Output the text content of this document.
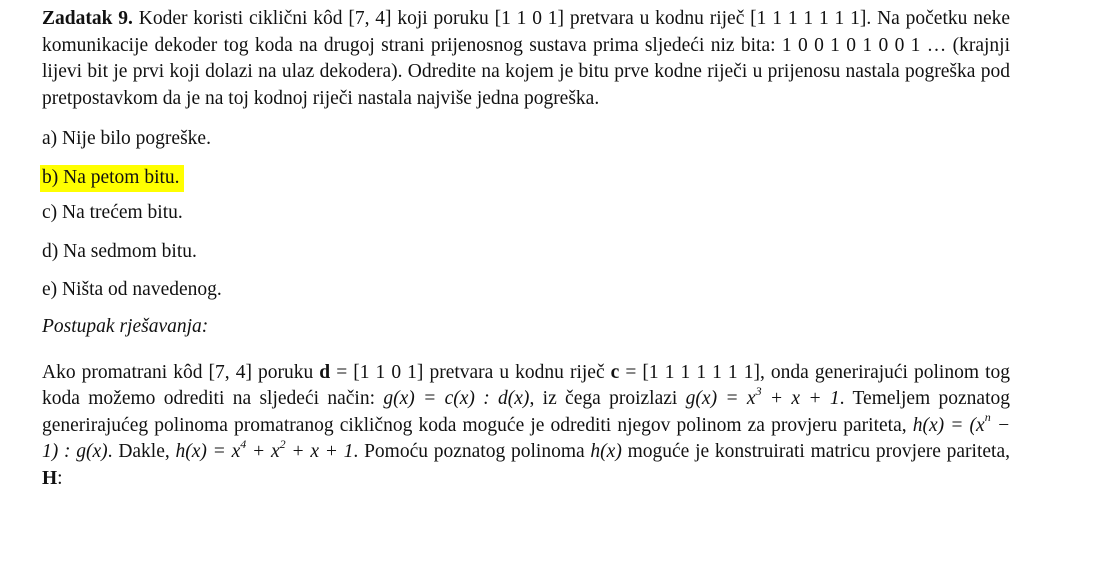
Zadatak 9. Koder koristi ciklični kôd [7, 4] koji poruku [1 1 0 1] pretvara u kodnu riječ [1 1 1 1 1 1 1]. Na početku neke komunikacije dekoder tog koda na drugoj strani prijenosnog sustava prima sljedeći niz bita: 1 0 0 1 0 1 0 0 1 … (krajnji lijevi bit je prvi koji dolazi na ulaz dekodera). Odredite na kojem je bitu prve kodne riječi u prijenosu nastala pogreška pod pretpostavkom da je na toj kodnoj riječi nastala najviše jedna pogreška.

a) Nije bilo pogreške.

b) Na petom bitu.

c) Na trećem bitu.

d) Na sedmom bitu.

e) Ništa od navedenog.

Postupak rješavanja:

Ako promatrani kôd [7, 4] poruku d = [1 1 0 1] pretvara u kodnu riječ c = [1 1 1 1 1 1 1], onda generirajući polinom tog koda možemo odrediti na sljedeći način: g(x) = c(x) : d(x), iz čega proizlazi $g(x) = x^3 + x + 1$. Temeljem poznatog generirajućeg polinoma promatranog cikličnog koda moguće je odrediti njegov polinom za provjeru pariteta, $h(x) = (x^n - 1)$ : g(x). Dakle, $h(x) = x^4 + x^2 + x + 1$. Pomoću poznatog polinoma h(x) moguće je konstruirati matricu provjere pariteta, H:
